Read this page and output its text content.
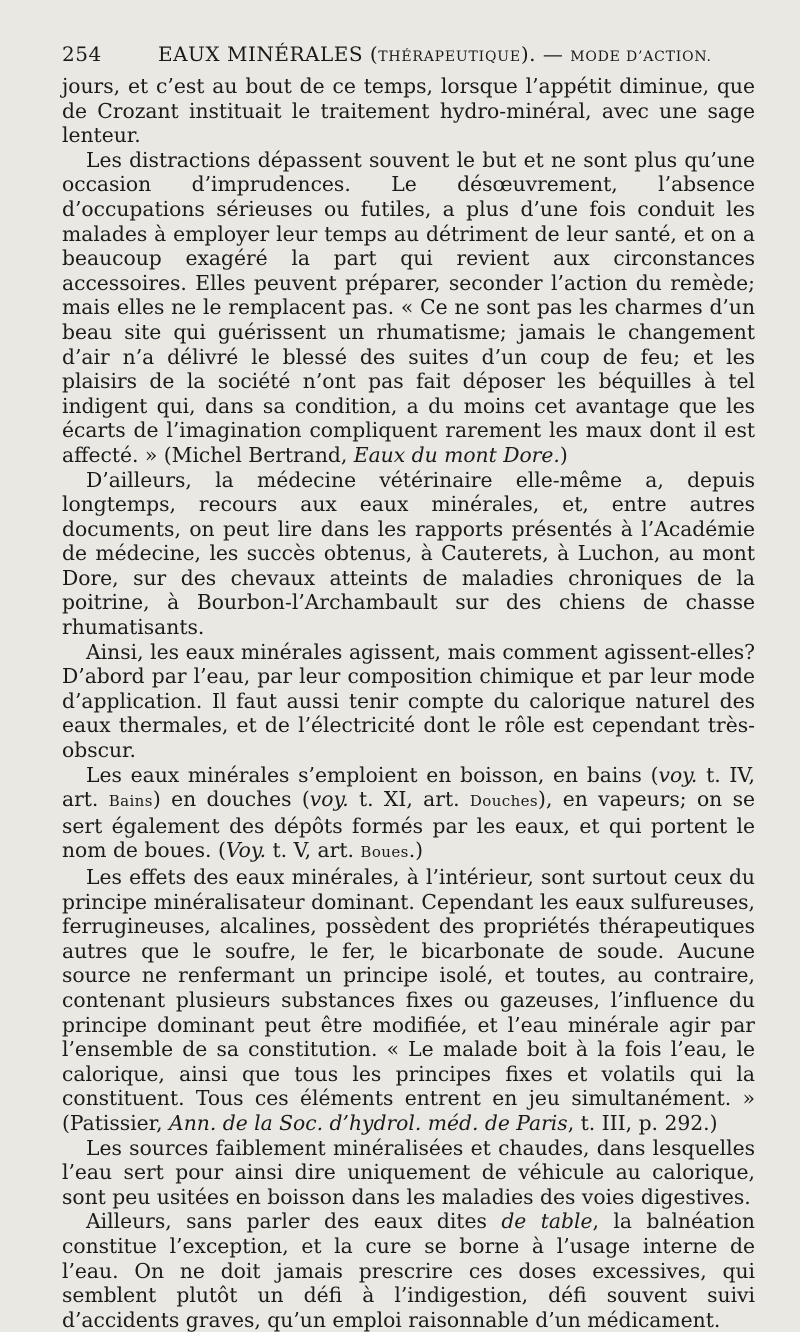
254	EAUX MINÉRALES (THÉRAPEUTIQUE). — MODE D’ACTION.

jours, et c’est au bout de ce temps, lorsque l’appétit diminue, que de Crozant instituait le traitement hydro-minéral, avec une sage lenteur.

Les distractions dépassent souvent le but et ne sont plus qu’une occasion d’imprudences. Le désœuvrement, l’absence d’occupations sérieuses ou futiles, a plus d’une fois conduit les malades à employer leur temps au détriment de leur santé, et on a beaucoup exagéré la part qui revient aux circonstances accessoires. Elles peuvent préparer, seconder l’action du remède; mais elles ne le remplacent pas. « Ce ne sont pas les charmes d’un beau site qui guérissent un rhumatisme; jamais le changement d’air n’a délivré le blessé des suites d’un coup de feu; et les plaisirs de la société n’ont pas fait déposer les béquilles à tel indigent qui, dans sa condition, a du moins cet avantage que les écarts de l’imagination compliquent rarement les maux dont il est affecté. » (Michel Bertrand, Eaux du mont Dore.)

D’ailleurs, la médecine vétérinaire elle-même a, depuis longtemps, recours aux eaux minérales, et, entre autres documents, on peut lire dans les rapports présentés à l’Académie de médecine, les succès obtenus, à Cauterets, à Luchon, au mont Dore, sur des chevaux atteints de maladies chroniques de la poitrine, à Bourbon-l’Archambault sur des chiens de chasse rhumatisants.

Ainsi, les eaux minérales agissent, mais comment agissent-elles? D’abord par l’eau, par leur composition chimique et par leur mode d’application. Il faut aussi tenir compte du calorique naturel des eaux thermales, et de l’électricité dont le rôle est cependant très-obscur.

Les eaux minérales s’emploient en boisson, en bains (voy. t. IV, art. Bains) en douches (voy. t. XI, art. Douches), en vapeurs; on se sert également des dépôts formés par les eaux, et qui portent le nom de boues. (Voy. t. V, art. Boues.)

Les effets des eaux minérales, à l’intérieur, sont surtout ceux du principe minéralisateur dominant. Cependant les eaux sulfureuses, ferrugineuses, alcalines, possèdent des propriétés thérapeutiques autres que le soufre, le fer, le bicarbonate de soude. Aucune source ne renfermant un principe isolé, et toutes, au contraire, contenant plusieurs substances fixes ou gazeuses, l’influence du principe dominant peut être modifiée, et l’eau minérale agir par l’ensemble de sa constitution. « Le malade boit à la fois l’eau, le calorique, ainsi que tous les principes fixes et volatils qui la constituent. Tous ces éléments entrent en jeu simultanément. » (Patissier, Ann. de la Soc. d’hydrol. méd. de Paris, t. III, p. 292.)

Les sources faiblement minéralisées et chaudes, dans lesquelles l’eau sert pour ainsi dire uniquement de véhicule au calorique, sont peu usitées en boisson dans les maladies des voies digestives.

Ailleurs, sans parler des eaux dites de table, la balnéation constitue l’exception, et la cure se borne à l’usage interne de l’eau. On ne doit jamais prescrire ces doses excessives, qui semblent plutôt un défi à l’indigestion, défi souvent suivi d’accidents graves, qu’un emploi raisonnable d’un médicament.
